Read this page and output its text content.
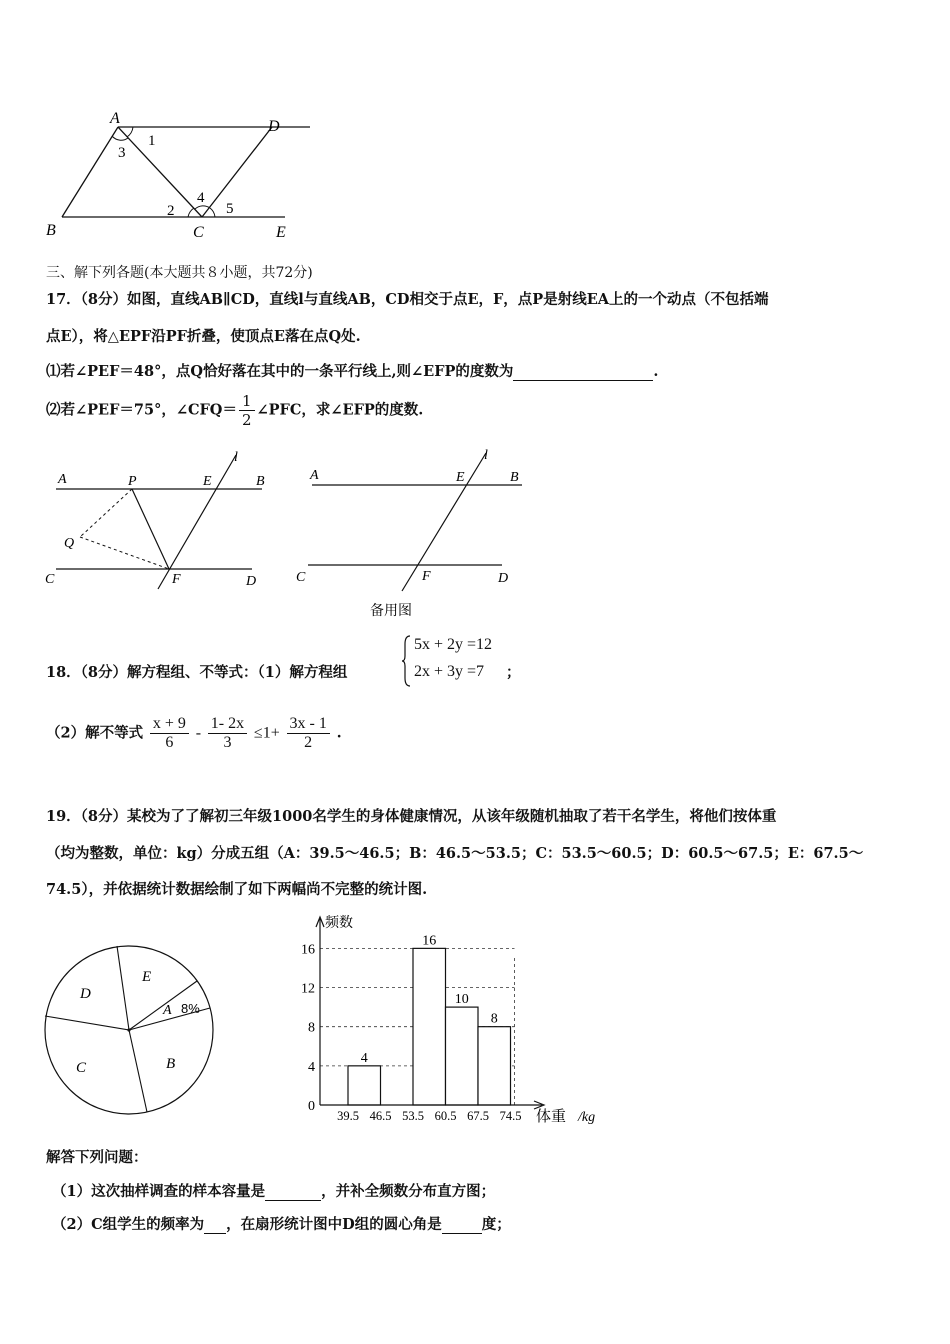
A	D
B	C	E
1
3
2
4
5
三、解下列各题(本大题共８小题，共72分)
17．（8分）如图，直线AB∥CD，直线l与直线AB，CD相交于点E，F，点P是射线EA上的一个动点（不包括端
点E），将△EPF沿PF折叠，使顶点E落在点Q处.
⑴若∠PEF＝48°，点Q恰好落在其中的一条平行线上,则∠EFP的度数为	.
⑵若∠PEF＝75°，∠CFQ＝ $\frac{1}{2}$ ∠PFC，求∠EFP的度数.
A	P	E
l
B
Q
C	F	D
A	E
l
B
C	F	D
备用图
18．（8分）解方程组、不等式：（1）解方程组
5x + 2y =12
2x + 3y =7 ；
（2）解不等式 $\frac{x + 9}{6} - \frac{1- 2x}{3} \le 1+ \frac{3x - 1}{2}$ .
19．（8分）某校为了了解初三年级1000名学生的身体健康情况，从该年级随机抽取了若干名学生，将他们按体重
（均为整数，单位：kg）分成五组（A：39.5～46.5；B：46.5～53.5；C：53.5～60.5；D：60.5～67.5；E：67.5～
74.5），并依据统计数据绘制了如下两幅尚不完整的统计图.
D
E
A 8%
B
C
0
4
8
12
16
4
16
10
8
39.5 46.5 53.5 60.5 67.5 74.5
频数
体重 /kg
解答下列问题：
（1）这次抽样调查的样本容量是	，并补全频数分布直方图；
（2）C组学生的频率为 ，在扇形统计图中D组的圆心角是	度；
